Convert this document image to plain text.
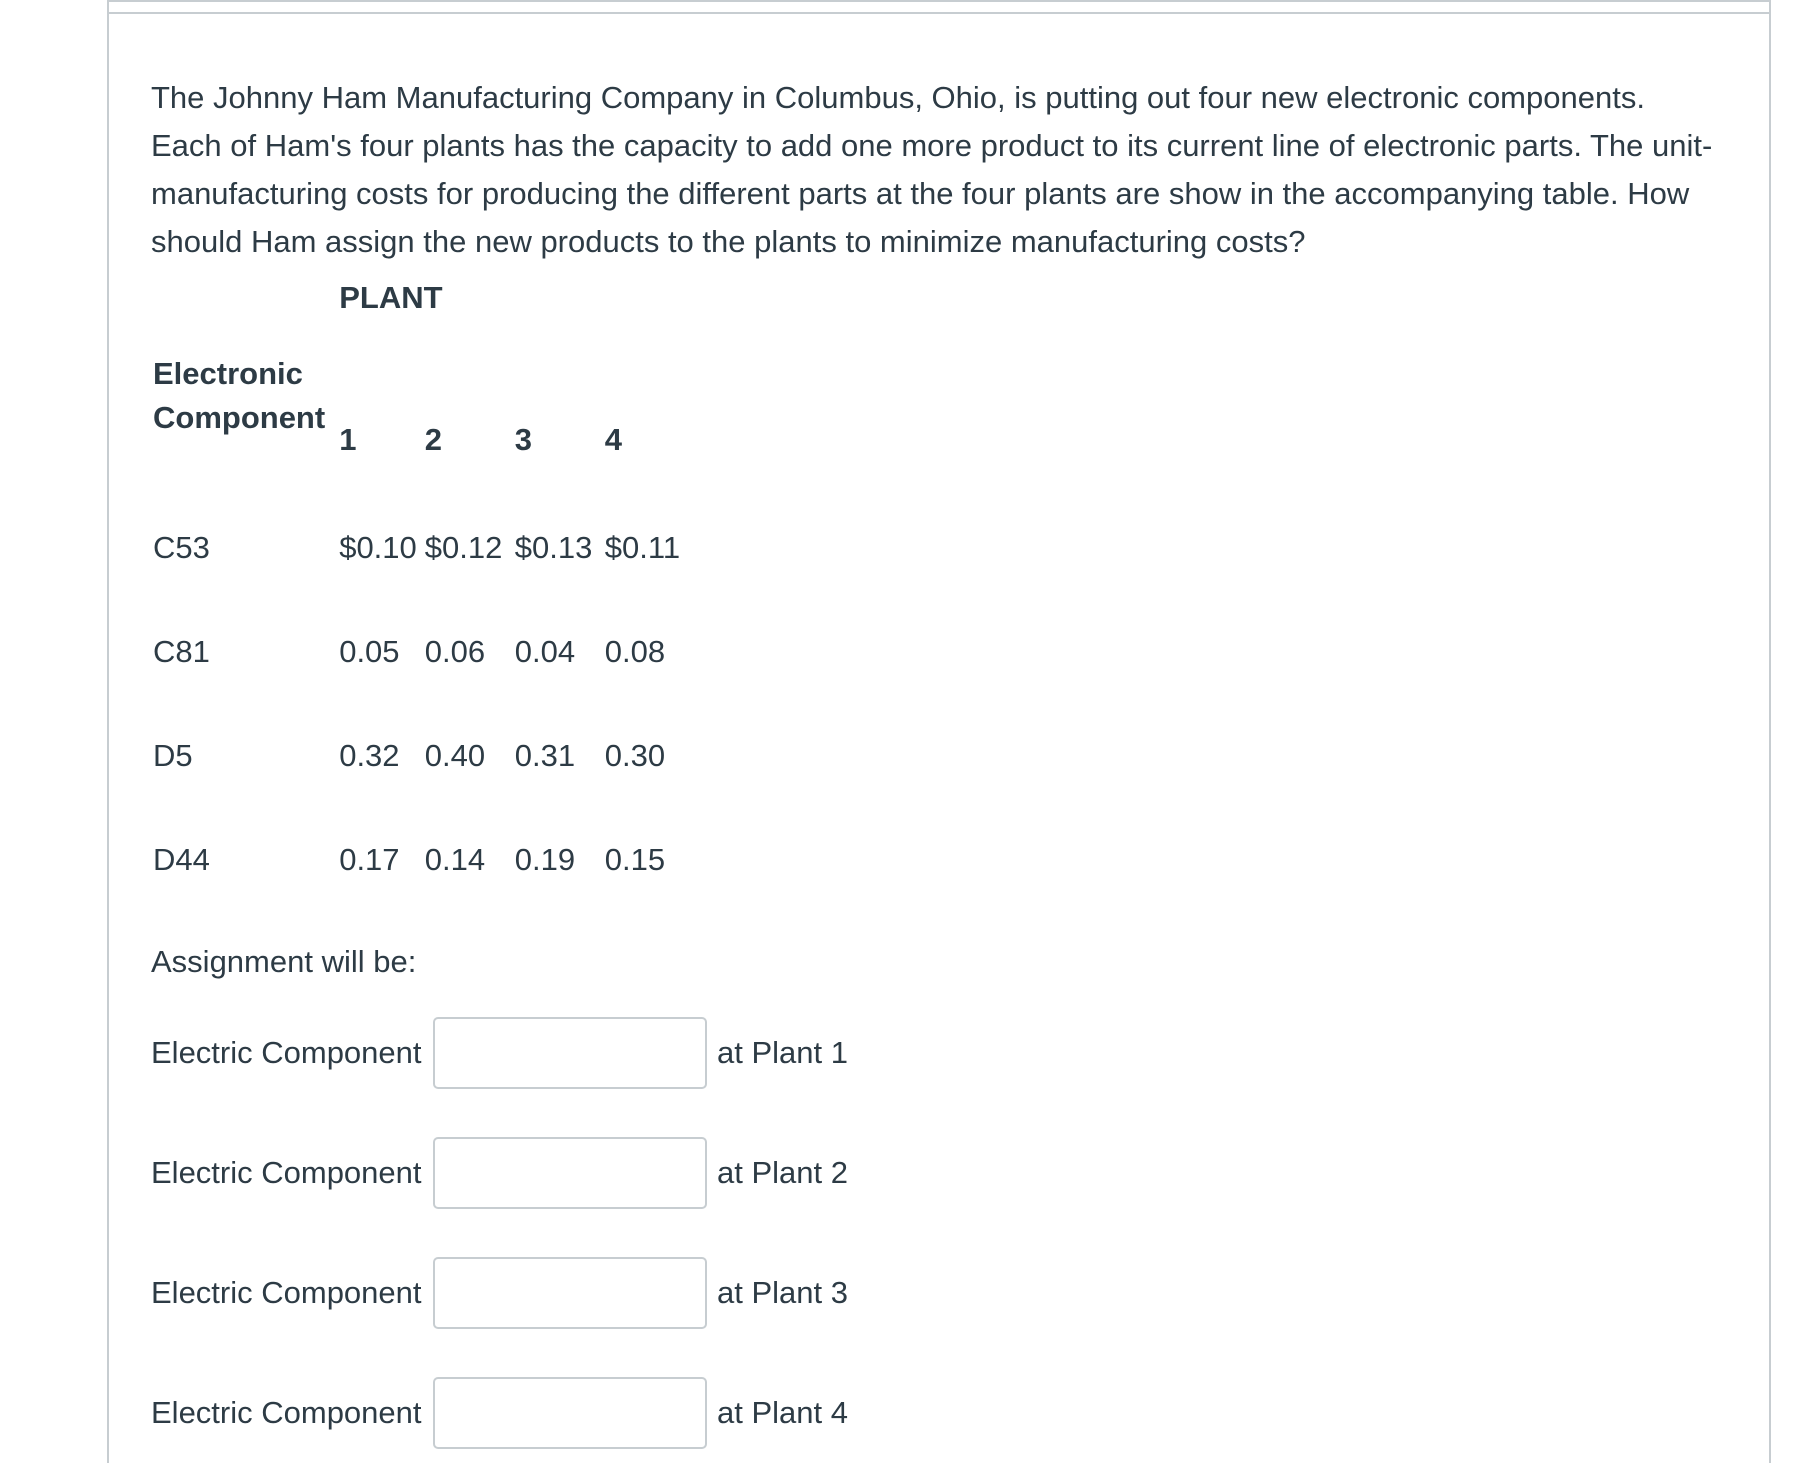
The Johnny Ham Manufacturing Company in Columbus, Ohio, is putting out four new electronic components. Each of Ham's four plants has the capacity to add one more product to its current line of electronic parts. The unit-manufacturing costs for producing the different parts at the four plants are show in the accompanying table. How should Ham assign the new products to the plants to minimize manufacturing costs?

	PLANT			
Electronic				
Component	1	2	3	4
C53	$0.10	$0.12	$0.13	$0.11
C81	0.05	0.06	0.04	0.08
D5	0.32	0.40	0.31	0.30
D44	0.17	0.14	0.19	0.15

Assignment will be:

Electric Component	at Plant 1
Electric Component	at Plant 2
Electric Component	at Plant 3
Electric Component	at Plant 4
